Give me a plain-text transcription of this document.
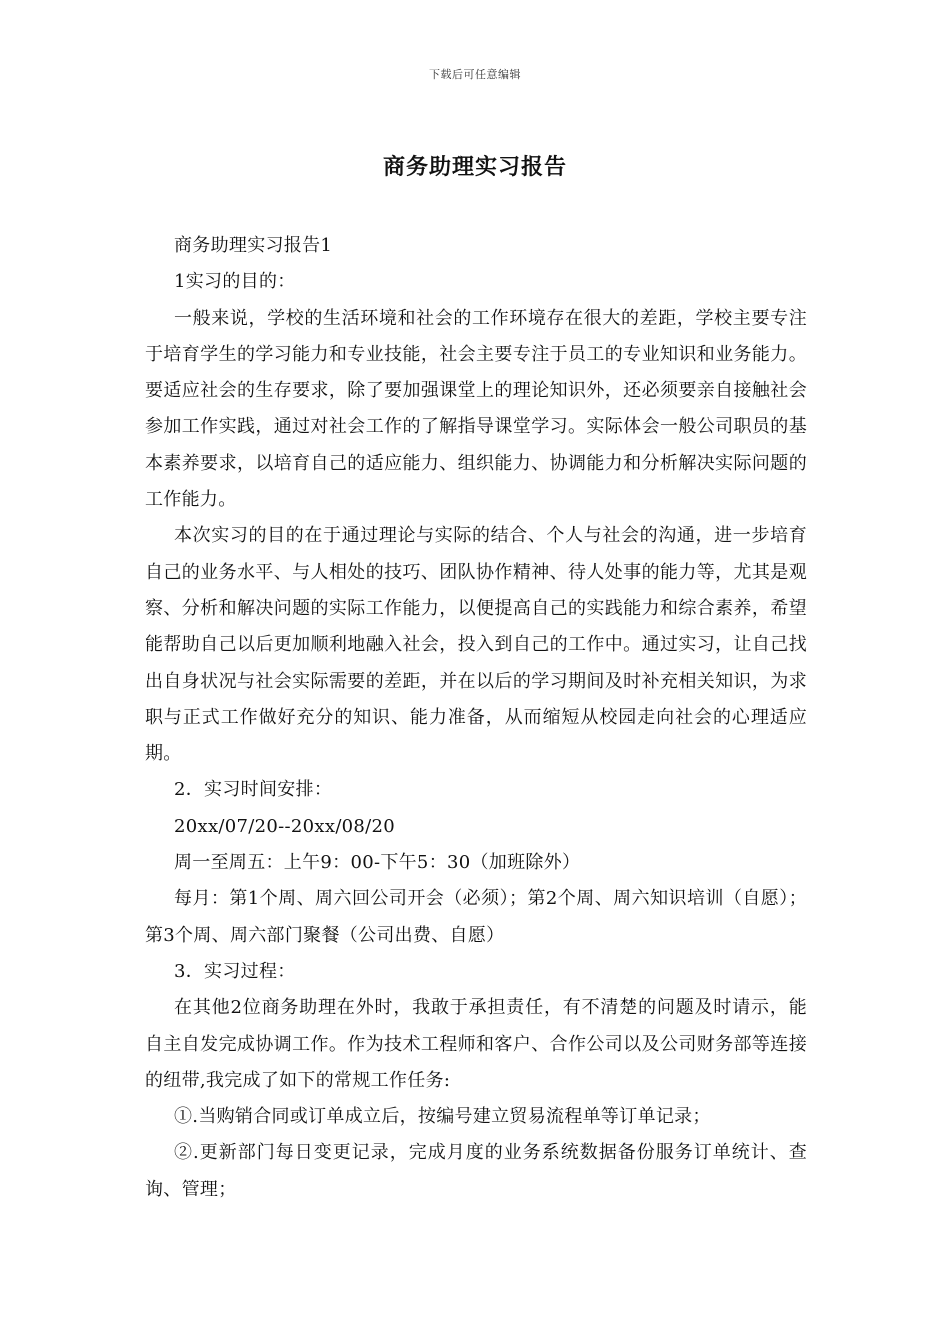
下载后可任意编辑
商务助理实习报告

商务助理实习报告1

1实习的目的：

一般来说，学校的生活环境和社会的工作环境存在很大的差距，学校主要专注于培育学生的学习能力和专业技能，社会主要专注于员工的专业知识和业务能力。要适应社会的生存要求，除了要加强课堂上的理论知识外，还必须要亲自接触社会参加工作实践，通过对社会工作的了解指导课堂学习。实际体会一般公司职员的基本素养要求，以培育自己的适应能力、组织能力、协调能力和分析解决实际问题的工作能力。

本次实习的目的在于通过理论与实际的结合、个人与社会的沟通，进一步培育自己的业务水平、与人相处的技巧、团队协作精神、待人处事的能力等，尤其是观察、分析和解决问题的实际工作能力，以便提高自己的实践能力和综合素养，希望能帮助自己以后更加顺利地融入社会，投入到自己的工作中。通过实习，让自己找出自身状况与社会实际需要的差距，并在以后的学习期间及时补充相关知识，为求职与正式工作做好充分的知识、能力准备，从而缩短从校园走向社会的心理适应期。

2．实习时间安排：

20xx/07/20--20xx/08/20

周一至周五：上午9：00-下午5：30（加班除外）

每月：第1个周、周六回公司开会（必须）；第2个周、周六知识培训（自愿）；第3个周、周六部门聚餐（公司出费、自愿）

3．实习过程：

在其他2位商务助理在外时，我敢于承担责任，有不清楚的问题及时请示，能自主自发完成协调工作。作为技术工程师和客户、合作公司以及公司财务部等连接的纽带,我完成了如下的常规工作任务:

①.当购销合同或订单成立后，按编号建立贸易流程单等订单记录；

②.更新部门每日变更记录，完成月度的业务系统数据备份服务订单统计、查询、管理；
